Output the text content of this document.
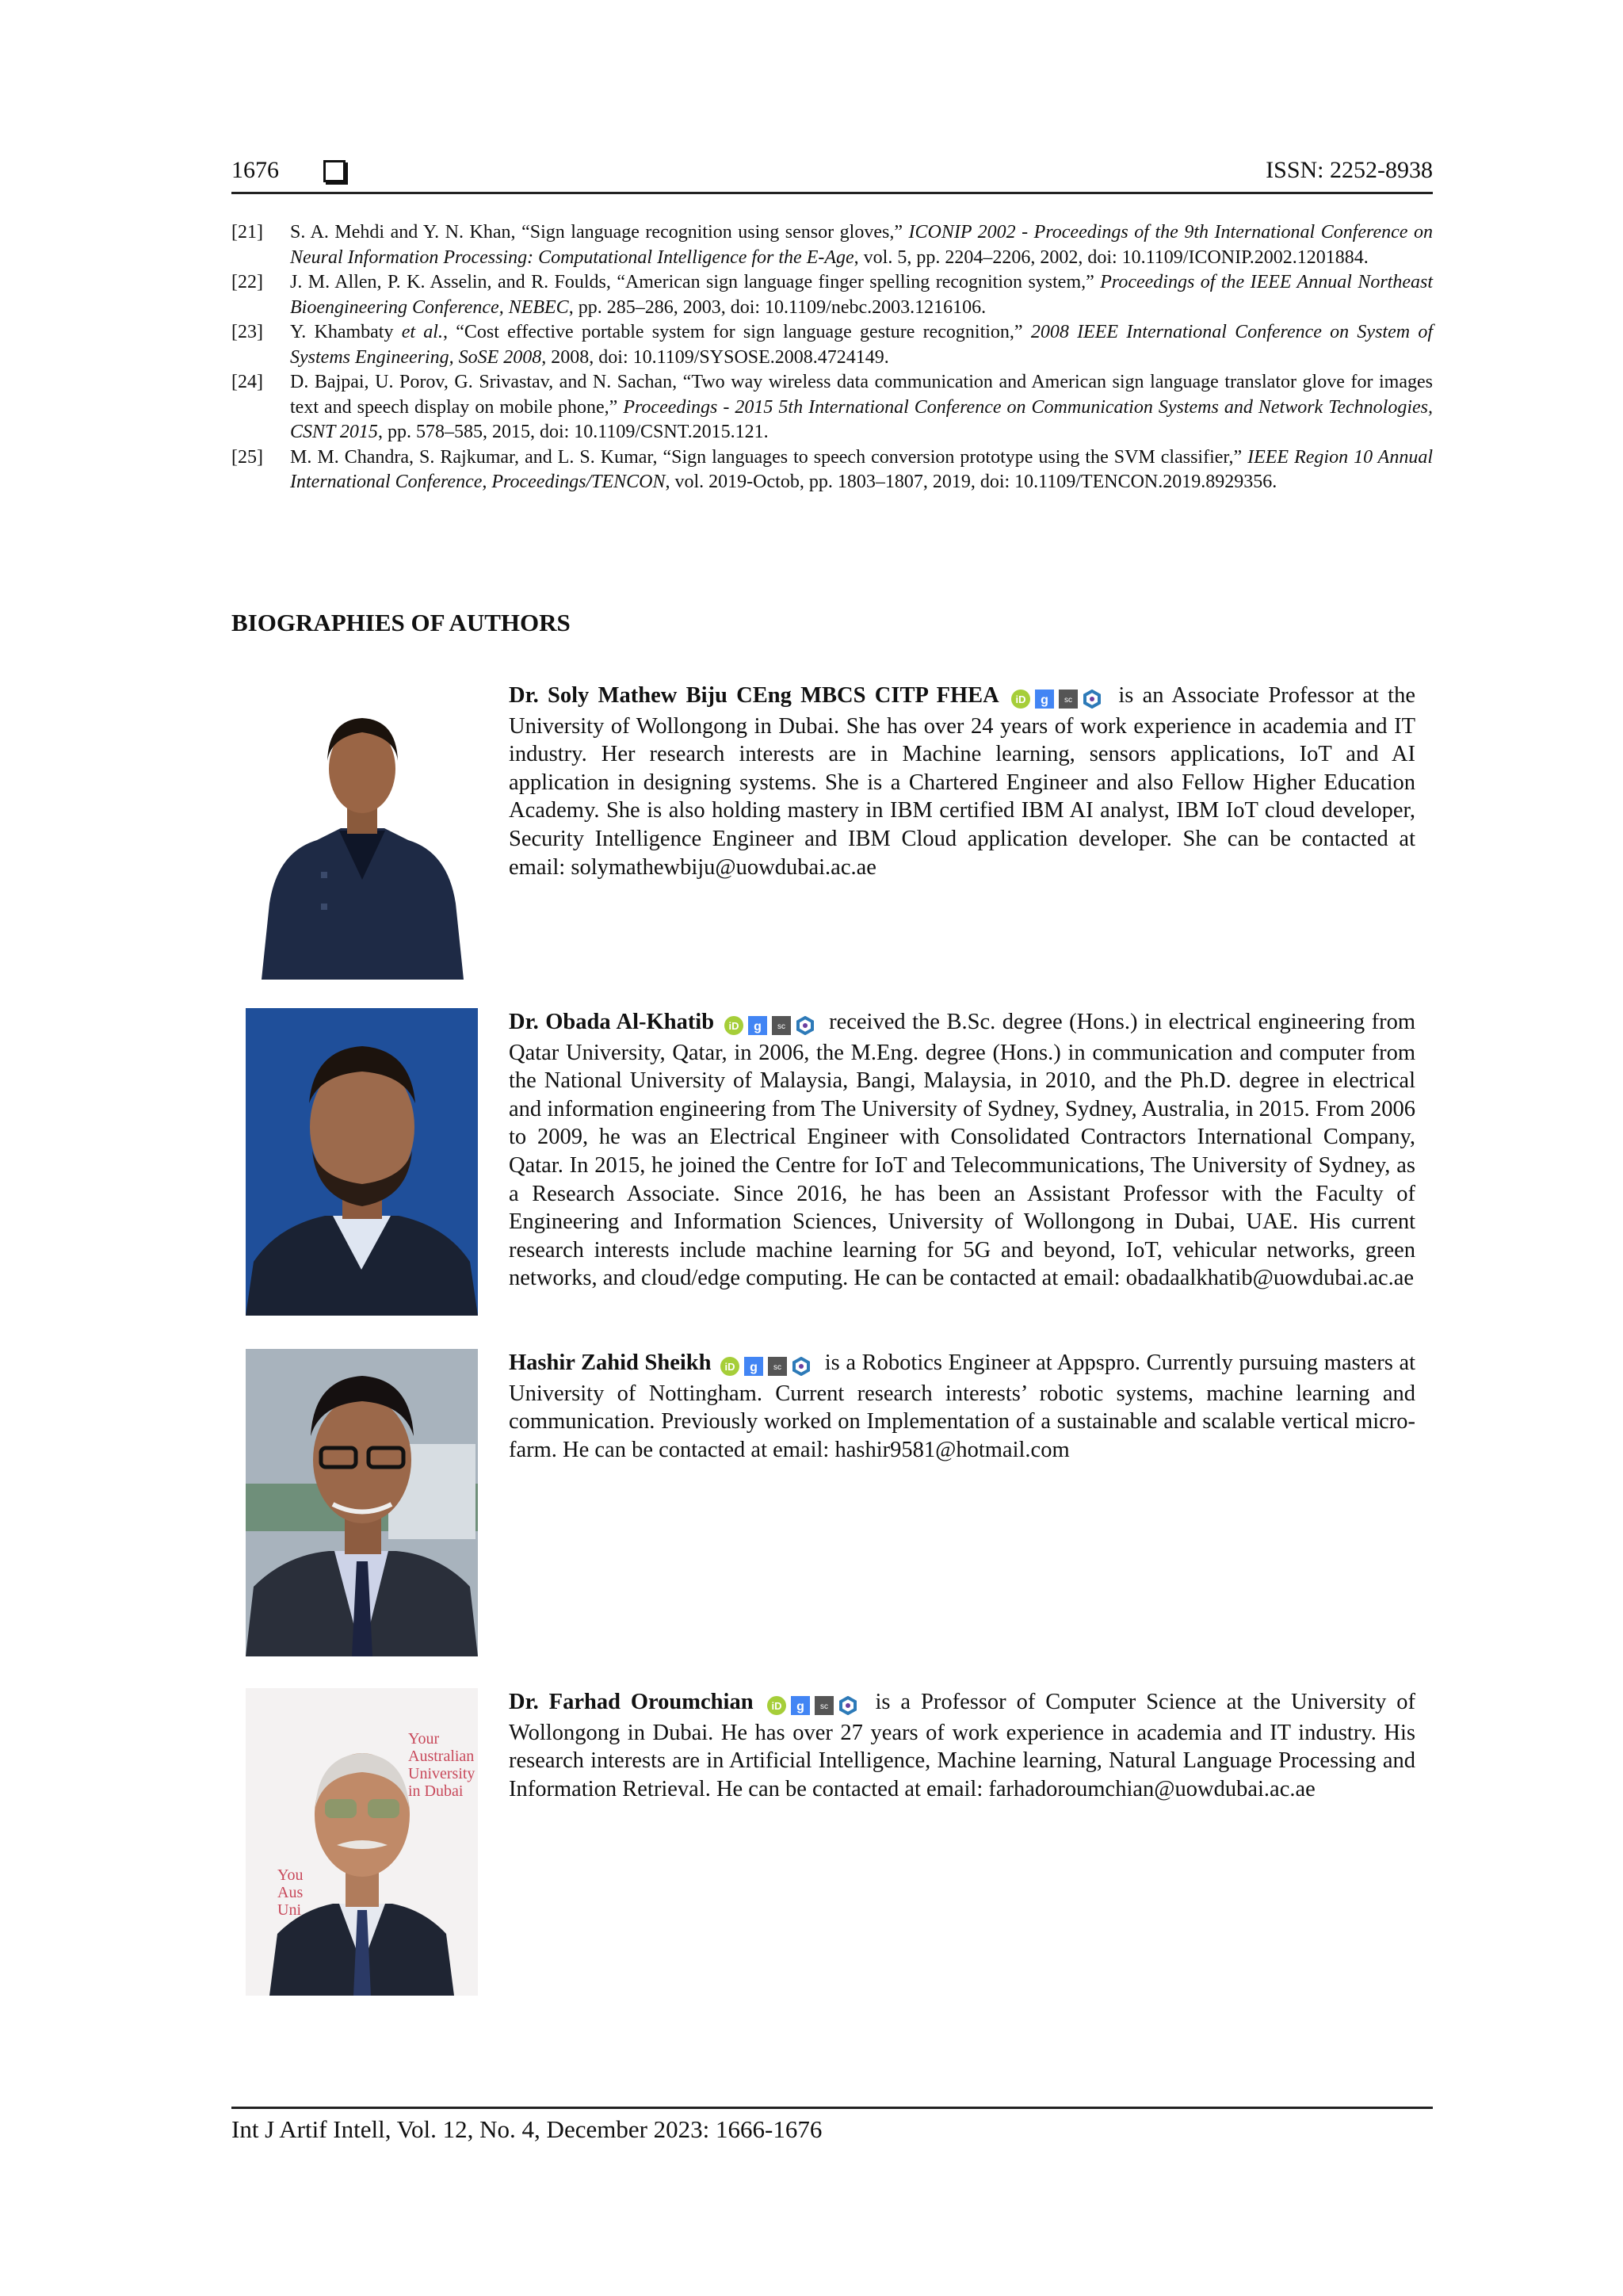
1676	ISSN: 2252-8938
[21] S. A. Mehdi and Y. N. Khan, “Sign language recognition using sensor gloves,” ICONIP 2002 - Proceedings of the 9th International Conference on Neural Information Processing: Computational Intelligence for the E-Age, vol. 5, pp. 2204–2206, 2002, doi: 10.1109/ICONIP.2002.1201884.
[22] J. M. Allen, P. K. Asselin, and R. Foulds, “American sign language finger spelling recognition system,” Proceedings of the IEEE Annual Northeast Bioengineering Conference, NEBEC, pp. 285–286, 2003, doi: 10.1109/nebc.2003.1216106.
[23] Y. Khambaty et al., “Cost effective portable system for sign language gesture recognition,” 2008 IEEE International Conference on System of Systems Engineering, SoSE 2008, 2008, doi: 10.1109/SYSOSE.2008.4724149.
[24] D. Bajpai, U. Porov, G. Srivastav, and N. Sachan, “Two way wireless data communication and American sign language translator glove for images text and speech display on mobile phone,” Proceedings - 2015 5th International Conference on Communication Systems and Network Technologies, CSNT 2015, pp. 578–585, 2015, doi: 10.1109/CSNT.2015.121.
[25] M. M. Chandra, S. Rajkumar, and L. S. Kumar, “Sign languages to speech conversion prototype using the SVM classifier,” IEEE Region 10 Annual International Conference, Proceedings/TENCON, vol. 2019-Octob, pp. 1803–1807, 2019, doi: 10.1109/TENCON.2019.8929356.
BIOGRAPHIES OF AUTHORS
Dr. Soly Mathew Biju CEng MBCS CITP FHEA iD g sc is an Associate Professor at the University of Wollongong in Dubai. She has over 24 years of work experience in academia and IT industry. Her research interests are in Machine learning, sensors applications, IoT and AI application in designing systems. She is a Chartered Engineer and also Fellow Higher Education Academy. She is also holding mastery in IBM certified IBM AI analyst, IBM IoT cloud developer, Security Intelligence Engineer and IBM Cloud application developer. She can be contacted at email: solymathewbiju@uowdubai.ac.ae
Dr. Obada Al-Khatib iD g sc received the B.Sc. degree (Hons.) in electrical engineering from Qatar University, Qatar, in 2006, the M.Eng. degree (Hons.) in communication and computer from the National University of Malaysia, Bangi, Malaysia, in 2010, and the Ph.D. degree in electrical and information engineering from The University of Sydney, Sydney, Australia, in 2015. From 2006 to 2009, he was an Electrical Engineer with Consolidated Contractors International Company, Qatar. In 2015, he joined the Centre for IoT and Telecommunications, The University of Sydney, as a Research Associate. Since 2016, he has been an Assistant Professor with the Faculty of Engineering and Information Sciences, University of Wollongong in Dubai, UAE. His current research interests include machine learning for 5G and beyond, IoT, vehicular networks, green networks, and cloud/edge computing. He can be contacted at email: obadaalkhatib@uowdubai.ac.ae
Hashir Zahid Sheikh iD g sc is a Robotics Engineer at Appspro. Currently pursuing masters at University of Nottingham. Current research interests’ robotic systems, machine learning and communication. Previously worked on Implementation of a sustainable and scalable vertical micro-farm. He can be contacted at email: hashir9581@hotmail.com
Your
Australian
University
in Dubai
You
Aus
Uni
Dr. Farhad Oroumchian iD g sc is a Professor of Computer Science at the University of Wollongong in Dubai. He has over 27 years of work experience in academia and IT industry. His research interests are in Artificial Intelligence, Machine learning, Natural Language Processing and Information Retrieval. He can be contacted at email: farhadoroumchian@uowdubai.ac.ae
Int J Artif Intell, Vol. 12, No. 4, December 2023: 1666-1676
